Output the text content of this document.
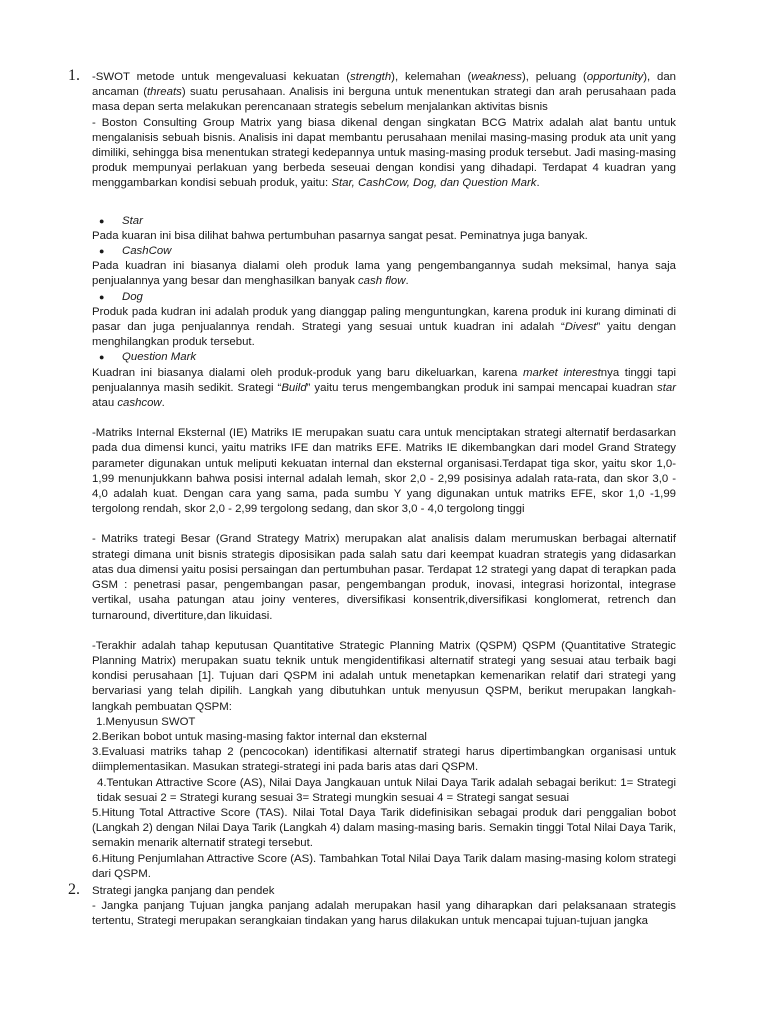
1. -SWOT metode untuk mengevaluasi kekuatan (strength), kelemahan (weakness), peluang (opportunity), dan ancaman (threats) suatu perusahaan. Analisis ini berguna untuk menentukan strategi dan arah perusahaan pada masa depan serta melakukan perencanaan strategis sebelum menjalankan aktivitas bisnis

- Boston Consulting Group Matrix yang biasa dikenal dengan singkatan BCG Matrix adalah alat bantu untuk mengalanisis sebuah bisnis. Analisis ini dapat membantu perusahaan menilai masing-masing produk ata unit yang dimiliki, sehingga bisa menentukan strategi kedepannya untuk masing-masing produk tersebut. Jadi masing-masing produk mempunyai perlakuan yang berbeda seseuai dengan kondisi yang dihadapi. Terdapat 4 kuadran yang menggambarkan kondisi sebuah produk, yaitu: Star, CashCow, Dog, dan Question Mark.

● Star

Pada kuaran ini bisa dilihat bahwa pertumbuhan pasarnya sangat pesat. Peminatnya juga banyak.

● CashCow

Pada kuadran ini biasanya dialami oleh produk lama yang pengembangannya sudah meksimal, hanya saja penjualannya yang besar dan menghasilkan banyak cash flow.

● Dog

Produk pada kudran ini adalah produk yang dianggap paling menguntungkan, karena produk ini kurang diminati di pasar dan juga penjualannya rendah. Strategi yang sesuai untuk kuadran ini adalah “Divest” yaitu dengan menghilangkan produk tersebut.

● Question Mark

Kuadran ini biasanya dialami oleh produk-produk yang baru dikeluarkan, karena market interestnya tinggi tapi penjualannya masih sedikit. Srategi “Build” yaitu terus mengembangkan produk ini sampai mencapai kuadran star atau cashcow.

-Matriks Internal Eksternal (IE) Matriks IE merupakan suatu cara untuk menciptakan strategi alternatif berdasarkan pada dua dimensi kunci, yaitu matriks IFE dan matriks EFE. Matriks IE dikembangkan dari model Grand Strategy parameter digunakan untuk meliputi kekuatan internal dan eksternal organisasi.Terdapat tiga skor, yaitu skor 1,0-1,99 menunjukkann bahwa posisi internal adalah lemah, skor 2,0 - 2,99 posisinya adalah rata-rata, dan skor 3,0 - 4,0 adalah kuat. Dengan cara yang sama, pada sumbu Y yang digunakan untuk matriks EFE, skor 1,0 -1,99 tergolong rendah, skor 2,0 - 2,99 tergolong sedang, dan skor 3,0 - 4,0 tergolong tinggi

- Matriks trategi Besar (Grand Strategy Matrix) merupakan alat analisis dalam merumuskan berbagai alternatif strategi dimana unit bisnis strategis diposisikan pada salah satu dari keempat kuadran strategis yang didasarkan atas dua dimensi yaitu posisi persaingan dan pertumbuhan pasar. Terdapat 12 strategi yang dapat di terapkan pada GSM : penetrasi pasar, pengembangan pasar, pengembangan produk, inovasi, integrasi horizontal, integrase vertikal, usaha patungan atau joiny venteres, diversifikasi konsentrik,diversifikasi konglomerat, retrench dan turnaround, divertiture,dan likuidasi.

-Terakhir adalah tahap keputusan Quantitative Strategic Planning Matrix (QSPM) QSPM (Quantitative Strategic Planning Matrix) merupakan suatu teknik untuk mengidentifikasi alternatif strategi yang sesuai atau terbaik bagi kondisi perusahaan [1]. Tujuan dari QSPM ini adalah untuk menetapkan kemenarikan relatif dari strategi yang bervariasi yang telah dipilih. Langkah yang dibutuhkan untuk menyusun QSPM, berikut merupakan langkah-langkah pembuatan QSPM:

1.Menyusun SWOT

2.Berikan bobot untuk masing-masing faktor internal dan eksternal

3.Evaluasi matriks tahap 2 (pencocokan) identifikasi alternatif strategi harus dipertimbangkan organisasi untuk diimplementasikan. Masukan strategi-strategi ini pada baris atas dari QSPM.

4.Tentukan Attractive Score (AS), Nilai Daya Jangkauan untuk Nilai Daya Tarik adalah sebagai berikut: 1= Strategi tidak sesuai 2 = Strategi kurang sesuai 3= Strategi mungkin sesuai 4 = Strategi sangat sesuai

5.Hitung Total Attractive Score (TAS). Nilai Total Daya Tarik didefinisikan sebagai produk dari penggalian bobot (Langkah 2) dengan Nilai Daya Tarik (Langkah 4) dalam masing-masing baris. Semakin tinggi Total Nilai Daya Tarik, semakin menarik alternatif strategi tersebut.

6.Hitung Penjumlahan Attractive Score (AS). Tambahkan Total Nilai Daya Tarik dalam masing-masing kolom strategi dari QSPM.

2. Strategi jangka panjang dan pendek

- Jangka panjang Tujuan jangka panjang adalah merupakan hasil yang diharapkan dari pelaksanaan strategis tertentu, Strategi merupakan serangkaian tindakan yang harus dilakukan untuk mencapai tujuan-tujuan jangka
